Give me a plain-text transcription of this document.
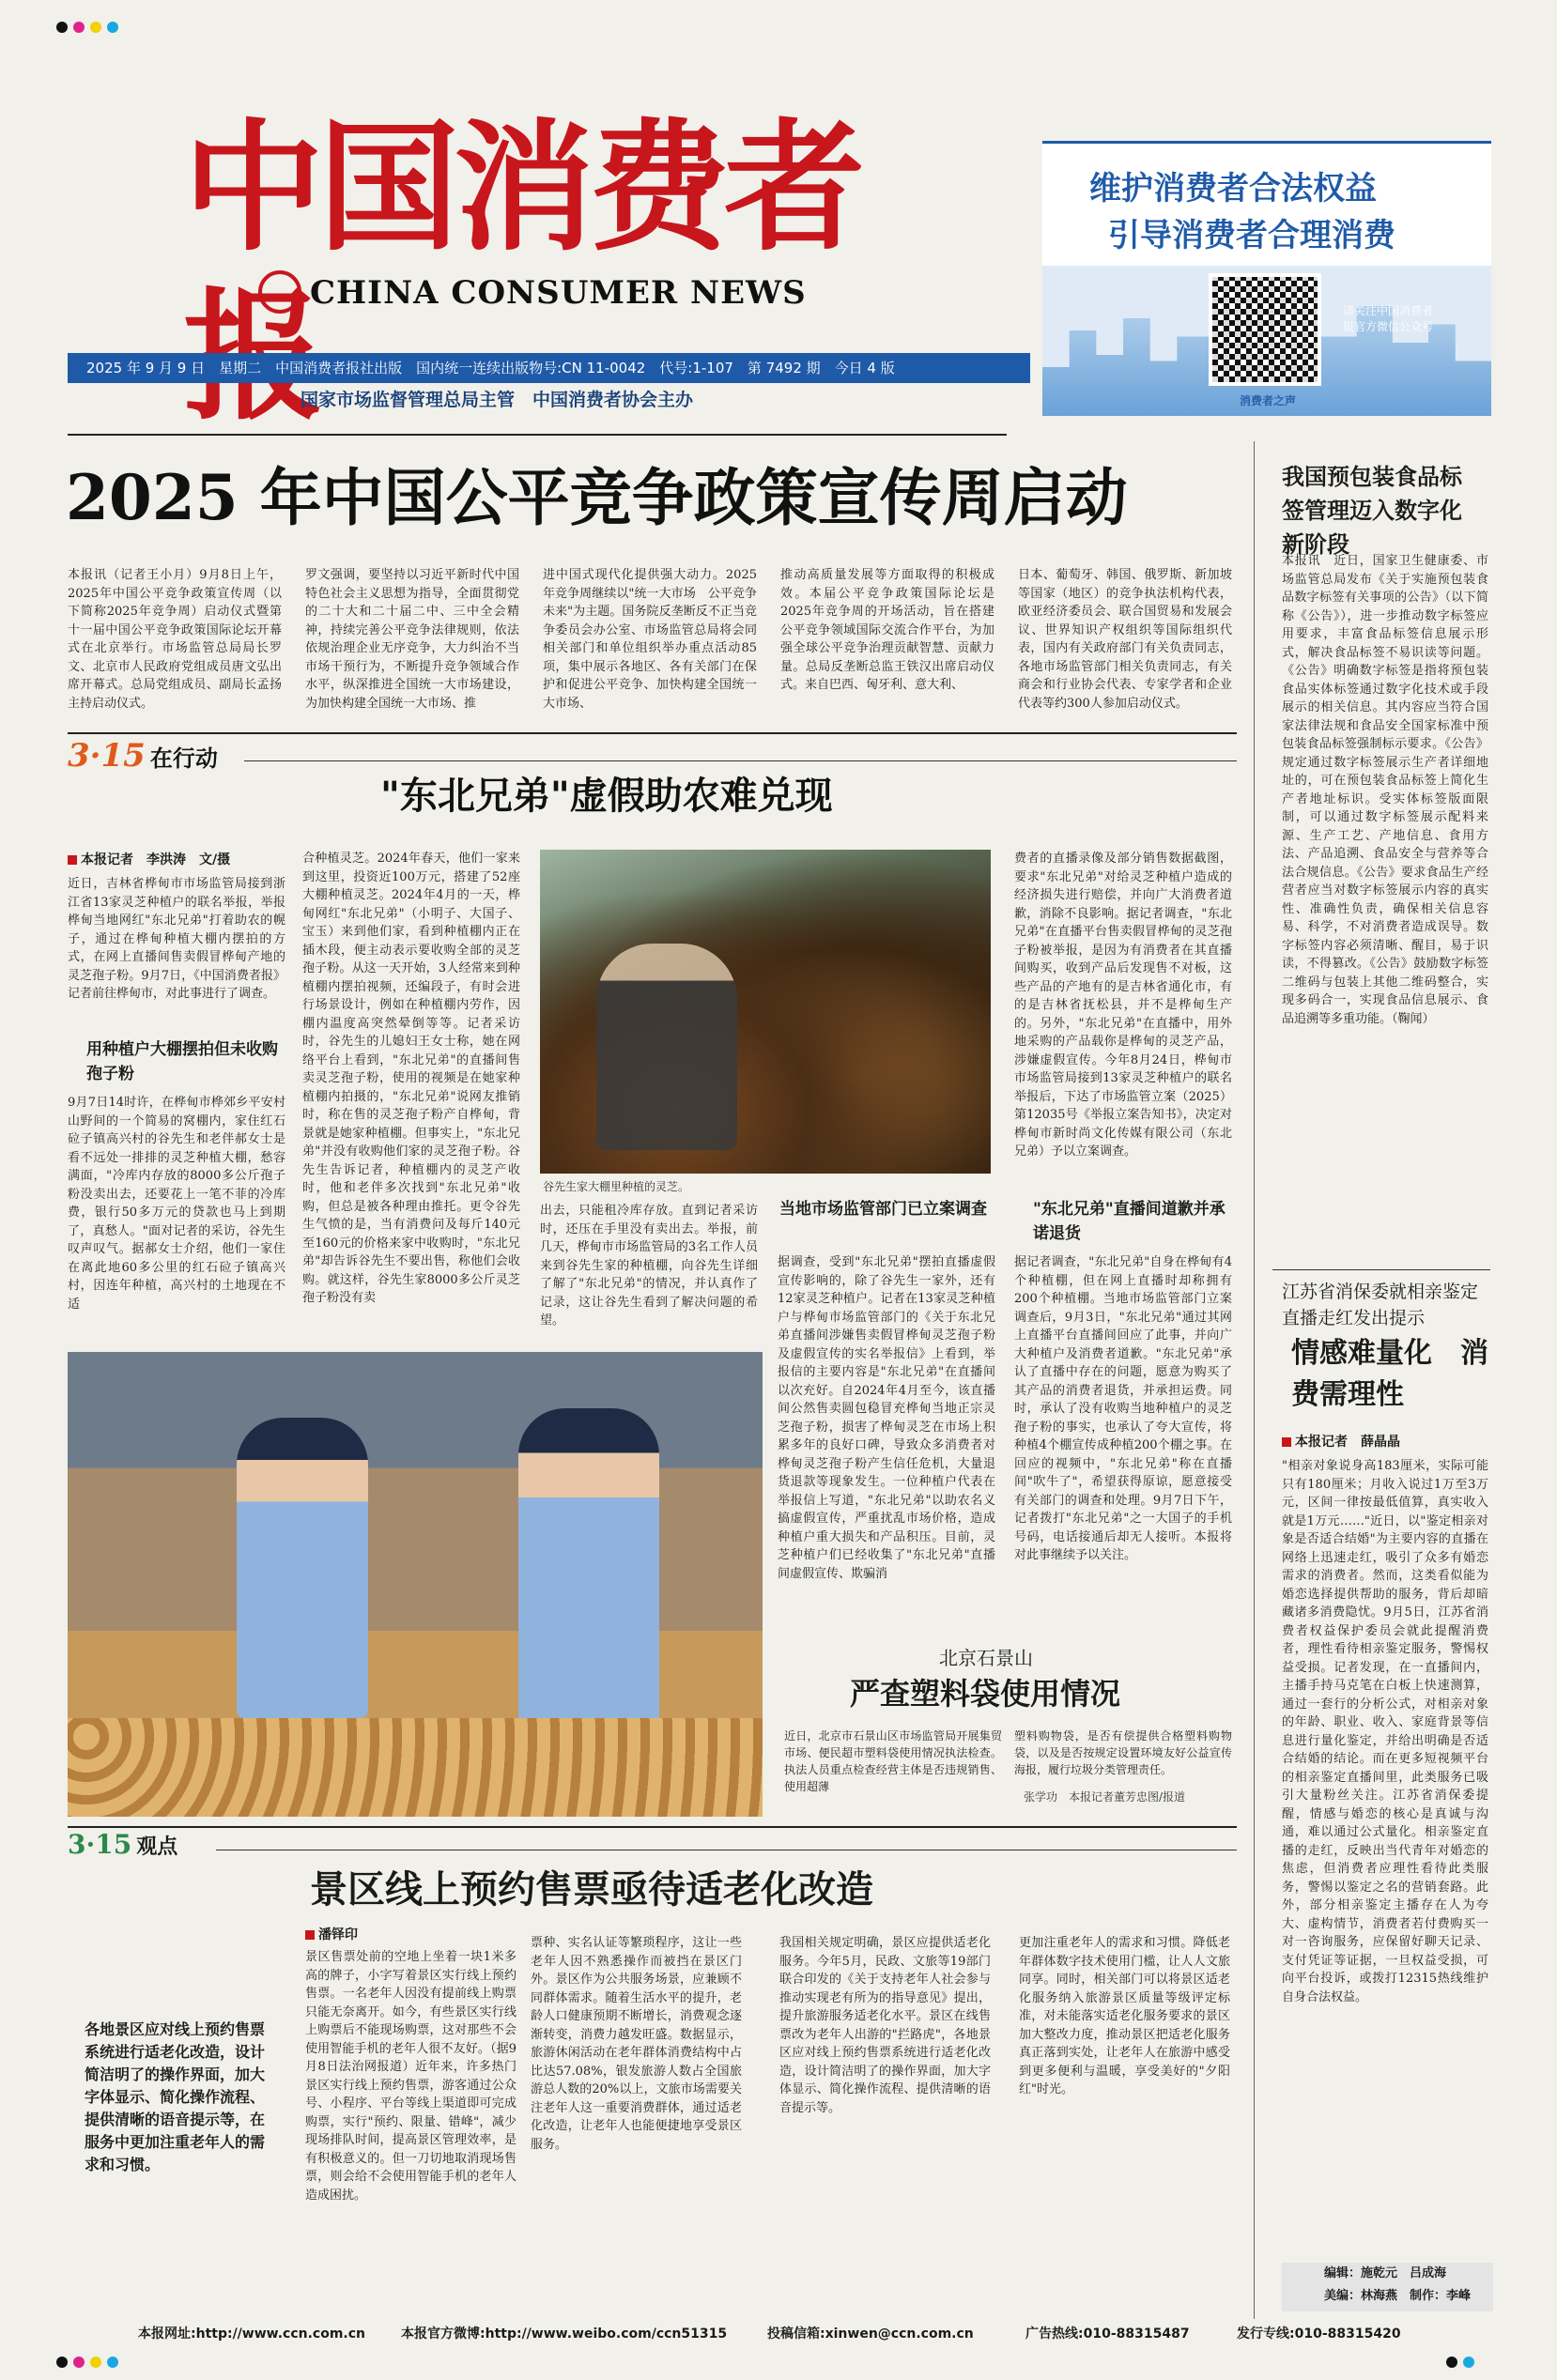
中国消费者
CHINA CONSUMER NEWS
2025 年 9 月 9 日　星期二　中国消费者报社出版　国内统一连续出版物号:CN 11-0042　代号:1-107　第 7492 期　今日 4 版
国家市场监督管理总局主管　中国消费者协会主办
维护消费者合法权益
引导消费者合理消费
请关注中国消费者报官方微信公众号
消费者之声
2025 年中国公平竞争政策宣传周启动
本报讯（记者王小月）9月8日上午，2025年中国公平竞争政策宣传周（以下简称2025年竞争周）启动仪式暨第十一届中国公平竞争政策国际论坛开幕式在北京举行。市场监管总局局长罗文、北京市人民政府党组成员唐文弘出席开幕式。总局党组成员、副局长孟扬主持启动仪式。
罗文强调，要坚持以习近平新时代中国特色社会主义思想为指导，全面贯彻党的二十大和二十届二中、三中全会精神，持续完善公平竞争法律规则，依法依规治理企业无序竞争，大力纠治不当市场干预行为，不断提升竞争领域合作水平，纵深推进全国统一大市场建设，为加快构建全国统一大市场、推
进中国式现代化提供强大动力。2025年竞争周继续以"统一大市场　公平竞争未来"为主题。国务院反垄断反不正当竞争委员会办公室、市场监管总局将会同相关部门和单位组织举办重点活动85项，集中展示各地区、各有关部门在保护和促进公平竞争、加快构建全国统一大市场、
推动高质量发展等方面取得的积极成效。本届公平竞争政策国际论坛是2025年竞争周的开场活动，旨在搭建公平竞争领域国际交流合作平台，为加强全球公平竞争治理贡献智慧、贡献力量。总局反垄断总监王铁汉出席启动仪式。来自巴西、匈牙利、意大利、
日本、葡萄牙、韩国、俄罗斯、新加坡等国家（地区）的竞争执法机构代表，欧亚经济委员会、联合国贸易和发展会议、世界知识产权组织等国际组织代表，国内有关政府部门有关负责同志，各地市场监管部门相关负责同志，有关商会和行业协会代表、专家学者和企业代表等约300人参加启动仪式。
3·15 在行动
"东北兄弟"虚假助农难兑现
本报记者　李洪涛　文/摄
近日，吉林省桦甸市市场监管局接到浙江省13家灵芝种植户的联名举报，举报桦甸当地网红"东北兄弟"打着助农的幌子，通过在桦甸种植大棚内摆拍的方式，在网上直播间售卖假冒桦甸产地的灵芝孢子粉。9月7日，《中国消费者报》记者前往桦甸市，对此事进行了调查。
用种植户大棚摆拍但未收购孢子粉
9月7日14时许，在桦甸市桦郊乡平安村山野间的一个简易的窝棚内，家住红石砬子镇高兴村的谷先生和老伴郝女士是看不远处一排排的灵芝种植大棚，愁容满面，"冷库内存放的8000多公斤孢子粉没卖出去，还要花上一笔不菲的冷库费，银行50多万元的贷款也马上到期了，真愁人。"面对记者的采访，谷先生叹声叹气。据郝女士介绍，他们一家住在离此地60多公里的红石砬子镇高兴村，因连年种植，高兴村的土地现在不适
合种植灵芝。2024年春天，他们一家来到这里，投资近100万元，搭建了52座大棚种植灵芝。2024年4月的一天，桦甸网红"东北兄弟"（小明子、大国子、宝玉）来到他们家，看到种植棚内正在插木段，便主动表示要收购全部的灵芝孢子粉。从这一天开始，3人经常来到种植棚内摆拍视频，还编段子，有时会进行场景设计，例如在种植棚内劳作，因棚内温度高突然晕倒等等。记者采访时，谷先生的儿媳妇王女士称，她在网络平台上看到，"东北兄弟"的直播间售卖灵芝孢子粉，使用的视频是在她家种植棚内拍摄的，"东北兄弟"说网友推销时，称在售的灵芝孢子粉产自桦甸，背景就是她家种植棚。但事实上，"东北兄弟"并没有收购他们家的灵芝孢子粉。谷先生告诉记者，种植棚内的灵芝产收时，他和老伴多次找到"东北兄弟"收购，但总是被各种理由推托。更令谷先生气愤的是，当有消费问及每斤140元至160元的价格来家中收购时，"东北兄弟"却告诉谷先生不要出售，称他们会收购。就这样，谷先生家8000多公斤灵芝孢子粉没有卖
谷先生家大棚里种植的灵芝。
出去，只能租冷库存放。直到记者采访时，还压在手里没有卖出去。举报，前几天，桦甸市市场监管局的3名工作人员来到谷先生家的种植棚，向谷先生详细了解了"东北兄弟"的情况，并认真作了记录，这让谷先生看到了解决问题的希望。
费者的直播录像及部分销售数据截图，要求"东北兄弟"对给灵芝种植户造成的经济损失进行赔偿，并向广大消费者道歉，消除不良影响。据记者调查，"东北兄弟"在直播平台售卖假冒桦甸的灵芝孢子粉被举报，是因为有消费者在其直播间购买，收到产品后发现售不对板，这些产品的产地有的是吉林省通化市，有的是吉林省抚松县，并不是桦甸生产的。另外，"东北兄弟"在直播中，用外地采购的产品载你是桦甸的灵芝产品，涉嫌虚假宣传。今年8月24日，桦甸市市场监管局接到13家灵芝种植户的联名举报后，下达了市场监管立案（2025）第12035号《举报立案告知书》，决定对桦甸市新时尚文化传媒有限公司（东北兄弟）予以立案调查。
当地市场监管部门已立案调查
据调查，受到"东北兄弟"摆拍直播虚假宣传影响的，除了谷先生一家外，还有12家灵芝种植户。记者在13家灵芝种植户与桦甸市场监管部门的《关于东北兄弟直播间涉嫌售卖假冒桦甸灵芝孢子粉及虚假宣传的实名举报信》上看到，举报信的主要内容是"东北兄弟"在直播间以次充好。自2024年4月至今，该直播间公然售卖圆包稳冒充桦甸当地正宗灵芝孢子粉，损害了桦甸灵芝在市场上积累多年的良好口碑，导致众多消费者对桦甸灵芝孢子粉产生信任危机，大量退货退款等现象发生。一位种植户代表在举报信上写道，"东北兄弟"以助农名义搞虚假宣传，严重扰乱市场价格，造成种植户重大损失和产品积压。目前，灵芝种植户们已经收集了"东北兄弟"直播间虚假宣传、欺骗消
"东北兄弟"直播间道歉并承诺退货
据记者调查，"东北兄弟"自身在桦甸有4个种植棚，但在网上直播时却称拥有200个种植棚。当地市场监管部门立案调查后，9月3日，"东北兄弟"通过其网上直播平台直播间回应了此事，并向广大种植户及消费者道歉。"东北兄弟"承认了直播中存在的问题，愿意为购买了其产品的消费者退货，并承担运费。同时，承认了没有收购当地种植户的灵芝孢子粉的事实，也承认了夸大宣传，将种植4个棚宣传成种植200个棚之事。在回应的视频中，"东北兄弟"称在直播间"吹牛了"，希望获得原谅，愿意接受有关部门的调查和处理。9月7日下午，记者拨打"东北兄弟"之一大国子的手机号码，电话接通后却无人接听。本报将对此事继续予以关注。
北京石景山
严查塑料袋使用情况
近日，北京市石景山区市场监管局开展集贸市场、便民超市塑料袋使用情况执法检查。执法人员重点检查经营主体是否违规销售、使用超薄
塑料购物袋，是否有偿提供合格塑料购物袋，以及是否按规定设置环境友好公益宣传海报，履行垃圾分类管理责任。
张学功　本报记者董芳忠图/报道
3·15 观点
景区线上预约售票亟待适老化改造
潘铎印
各地景区应对线上预约售票系统进行适老化改造，设计简洁明了的操作界面，加大字体显示、简化操作流程、提供清晰的语音提示等，在服务中更加注重老年人的需求和习惯。
景区售票处前的空地上坐着一块1米多高的牌子，小字写着景区实行线上预约售票。一名老年人因没有提前线上购票只能无奈离开。如今，有些景区实行线上购票后不能现场购票，这对那些不会使用智能手机的老年人很不友好。（据9月8日法治网报道）近年来，许多热门景区实行线上预约售票，游客通过公众号、小程序、平台等线上渠道即可完成购票，实行"预约、限量、错峰"，减少现场排队时间，提高景区管理效率，是有积极意义的。但一刀切地取消现场售票，则会给不会使用智能手机的老年人造成困扰。
票种、实名认证等繁琐程序，这让一些老年人因不熟悉操作而被挡在景区门外。景区作为公共服务场景，应兼顾不同群体需求。随着生活水平的提升，老龄人口健康预期不断增长，消费观念逐渐转变，消费力越发旺盛。数据显示，旅游休闲活动在老年群体消费结构中占比达57.08%，银发旅游人数占全国旅游总人数的20%以上，文旅市场需要关注老年人这一重要消费群体，通过适老化改造，让老年人也能便捷地享受景区服务。
我国相关规定明确，景区应提供适老化服务。今年5月，民政、文旅等19部门联合印发的《关于支持老年人社会参与 推动实现老有所为的指导意见》提出，提升旅游服务适老化水平。景区在线售票改为老年人出游的"拦路虎"，各地景区应对线上预约售票系统进行适老化改造，设计简洁明了的操作界面，加大字体显示、简化操作流程、提供清晰的语音提示等。
更加注重老年人的需求和习惯。降低老年群体数字技术使用门槛，让人人文旅同享。同时，相关部门可以将景区适老化服务纳入旅游景区质量等级评定标准，对未能落实适老化服务要求的景区加大整改力度，推动景区把适老化服务真正落到实处，让老年人在旅游中感受到更多便利与温暖，享受美好的"夕阳红"时光。
我国预包装食品标签管理迈入数字化新阶段
本报讯　近日，国家卫生健康委、市场监管总局发布《关于实施预包装食品数字标签有关事项的公告》（以下简称《公告》），进一步推动数字标签应用要求，丰富食品标签信息展示形式，解决食品标签不易识读等问题。《公告》明确数字标签是指将预包装食品实体标签通过数字化技术或手段展示的相关信息。其内容应当符合国家法律法规和食品安全国家标准中预包装食品标签强制标示要求。《公告》规定通过数字标签展示生产者详细地址的，可在预包装食品标签上简化生产者地址标识。受实体标签版面限制，可以通过数字标签展示配料来源、生产工艺、产地信息、食用方法、产品追溯、食品安全与营养等合法合规信息。《公告》要求食品生产经营者应当对数字标签展示内容的真实性、准确性负责，确保相关信息容易、科学，不对消费者造成误导。数字标签内容必须清晰、醒目，易于识读，不得篡改。《公告》鼓励数字标签二维码与包装上其他二维码整合，实现多码合一，实现食品信息展示、食品追溯等多重功能。（鞠闻）
江苏省消保委就相亲鉴定直播走红发出提示
情感难量化　消费需理性
本报记者　薛晶晶
"相亲对象说身高183厘米，实际可能只有180厘米；月收入说过1万至3万元，区间一律按最低值算，真实收入就是1万元……"近日，以"鉴定相亲对象是否适合结婚"为主要内容的直播在网络上迅速走红，吸引了众多有婚恋需求的消费者。然而，这类看似能为婚恋选择提供帮助的服务，背后却暗藏诸多消费隐忧。9月5日，江苏省消费者权益保护委员会就此提醒消费者，理性看待相亲鉴定服务，警惕权益受损。记者发现，在一直播间内，主播手持马克笔在白板上快速测算，通过一套行的分析公式，对相亲对象的年龄、职业、收入、家庭背景等信息进行量化鉴定，并给出明确是否适合结婚的结论。而在更多短视频平台的相亲鉴定直播间里，此类服务已吸引大量粉丝关注。江苏省消保委提醒，情感与婚恋的核心是真诚与沟通，难以通过公式量化。相亲鉴定直播的走红，反映出当代青年对婚恋的焦虑，但消费者应理性看待此类服务，警惕以鉴定之名的营销套路。此外，部分相亲鉴定主播存在人为夸大、虚构情节，消费者若付费购买一对一咨询服务，应保留好聊天记录、支付凭证等证据，一旦权益受损，可向平台投诉，或拨打12315热线维护自身合法权益。
编辑：施乾元　吕成海
美编：林海燕　制作：李峰
本报网址:http://www.ccn.com.cn	本报官方微博:http://www.weibo.com/ccn51315	投稿信箱:xinwen@ccn.com.cn	广告热线:010-88315487	发行专线:010-88315420
